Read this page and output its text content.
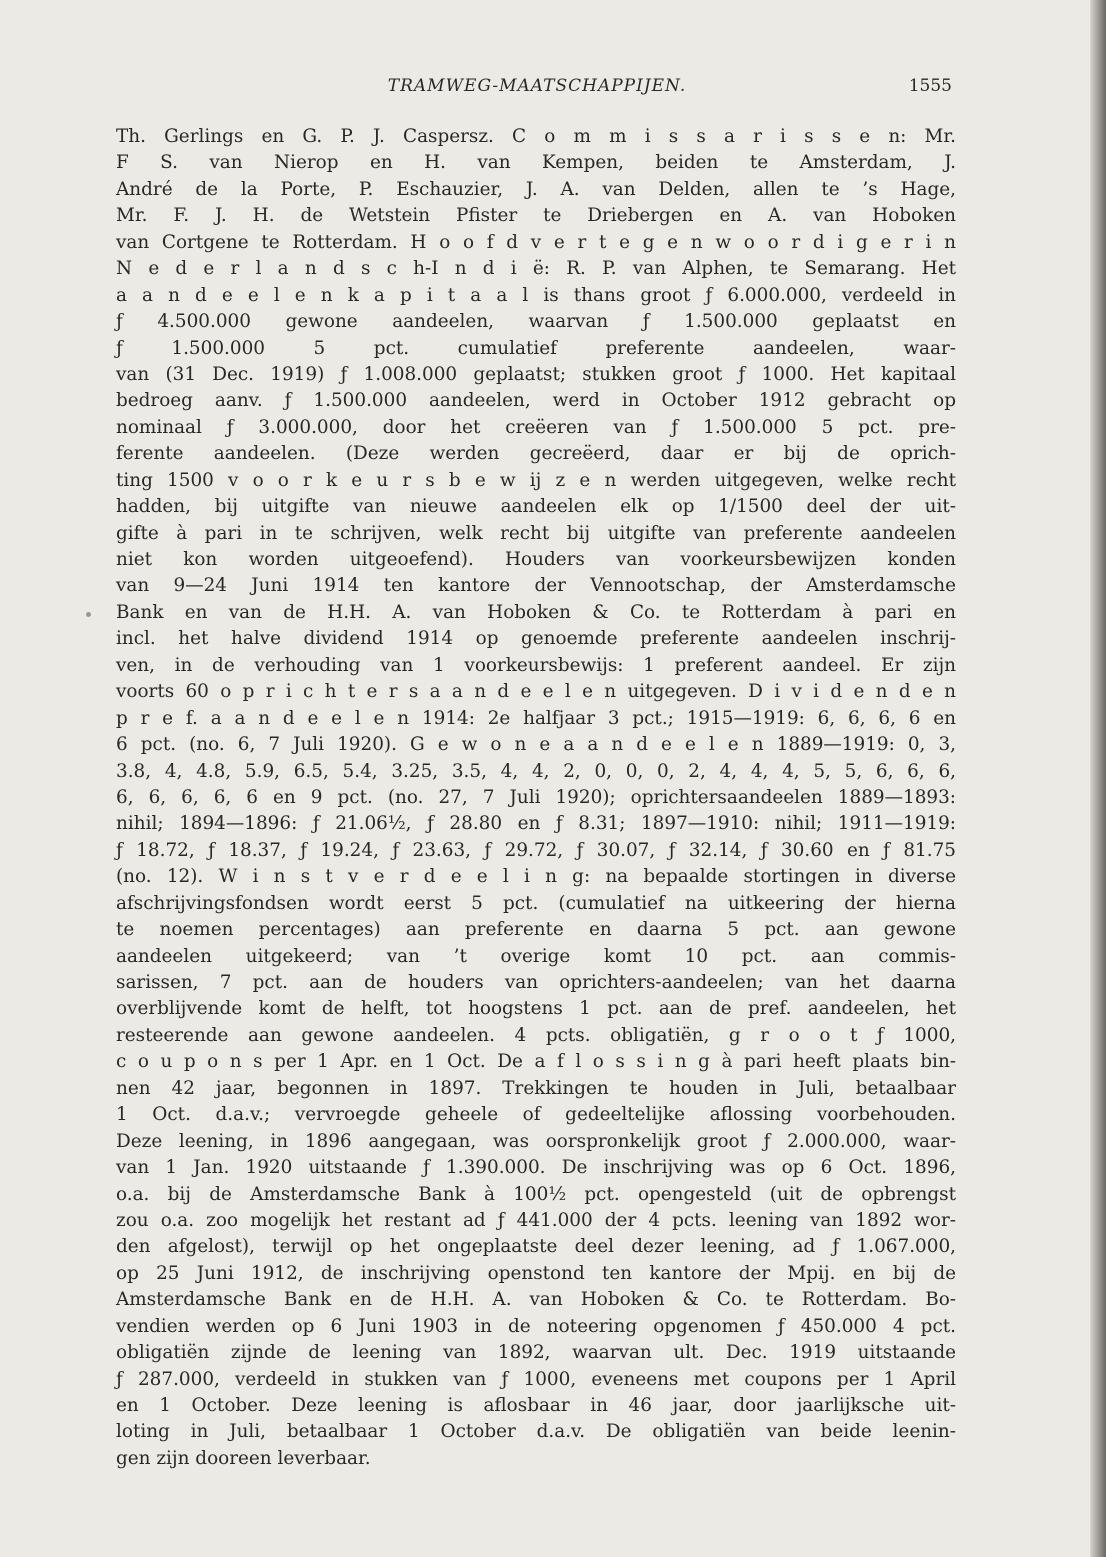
TRAMWEG-MAATSCHAPPIJEN.	1555
Th. Gerlings en G. P. J. Caspersz. C o m m i s s a r i s s e n: Mr.
F S. van Nierop en H. van Kempen, beiden te Amsterdam, J.
André de la Porte, P. Eschauzier, J. A. van Delden, allen te ’s Hage,
Mr. F. J. H. de Wetstein Pfister te Driebergen en A. van Hoboken
van Cortgene te Rotterdam. H o o f d v e r t e g e n w o o r d i g e r i n
N e d e r l a n d s c h-I n d i ë: R. P. van Alphen, te Semarang. Het
a a n d e e l e n k a p i t a a l is thans groot ƒ 6.000.000, verdeeld in
ƒ 4.500.000 gewone aandeelen, waarvan ƒ 1.500.000 geplaatst en
ƒ 1.500.000 5 pct. cumulatief preferente aandeelen, waar-
van (31 Dec. 1919) ƒ 1.008.000 geplaatst; stukken groot ƒ 1000. Het kapitaal
bedroeg aanv. ƒ 1.500.000 aandeelen, werd in October 1912 gebracht op
nominaal ƒ 3.000.000, door het creëeren van ƒ 1.500.000 5 pct. pre-
ferente aandeelen. (Deze werden gecreëerd, daar er bij de oprich-
ting 1500 v o o r k e u r s b e w ij z e n werden uitgegeven, welke recht
hadden, bij uitgifte van nieuwe aandeelen elk op 1/1500 deel der uit-
gifte à pari in te schrijven, welk recht bij uitgifte van preferente aandeelen
niet kon worden uitgeoefend). Houders van voorkeursbewijzen konden
van 9—24 Juni 1914 ten kantore der Vennootschap, der Amsterdamsche
Bank en van de H.H. A. van Hoboken & Co. te Rotterdam à pari en
incl. het halve dividend 1914 op genoemde preferente aandeelen inschrij-
ven, in de verhouding van 1 voorkeursbewijs: 1 preferent aandeel. Er zijn
voorts 60 o p r i c h t e r s a a n d e e l e n uitgegeven. D i v i d e n d e n
p r e f. a a n d e e l e n 1914: 2e halfjaar 3 pct.; 1915—1919: 6, 6, 6, 6 en
6 pct. (no. 6, 7 Juli 1920). G e w o n e a a n d e e l e n 1889—1919: 0, 3,
3.8, 4, 4.8, 5.9, 6.5, 5.4, 3.25, 3.5, 4, 4, 2, 0, 0, 0, 2, 4, 4, 4, 5, 5, 6, 6, 6,
6, 6, 6, 6, 6 en 9 pct. (no. 27, 7 Juli 1920); oprichtersaandeelen 1889—1893:
nihil; 1894—1896: ƒ 21.06½, ƒ 28.80 en ƒ 8.31; 1897—1910: nihil; 1911—1919:
ƒ 18.72, ƒ 18.37, ƒ 19.24, ƒ 23.63, ƒ 29.72, ƒ 30.07, ƒ 32.14, ƒ 30.60 en ƒ 81.75
(no. 12). W i n s t v e r d e e l i n g: na bepaalde stortingen in diverse
afschrijvingsfondsen wordt eerst 5 pct. (cumulatief na uitkeering der hierna
te noemen percentages) aan preferente en daarna 5 pct. aan gewone
aandeelen uitgekeerd; van ’t overige komt 10 pct. aan commis-
sarissen, 7 pct. aan de houders van oprichters-aandeelen; van het daarna
overblijvende komt de helft, tot hoogstens 1 pct. aan de pref. aandeelen, het
resteerende aan gewone aandeelen. 4 pcts. obligatiën, g r o o t ƒ 1000,
c o u p o n s per 1 Apr. en 1 Oct. De a f l o s s i n g à pari heeft plaats bin-
nen 42 jaar, begonnen in 1897. Trekkingen te houden in Juli, betaalbaar
1 Oct. d.a.v.; vervroegde geheele of gedeeltelijke aflossing voorbehouden.
Deze leening, in 1896 aangegaan, was oorspronkelijk groot ƒ 2.000.000, waar-
van 1 Jan. 1920 uitstaande ƒ 1.390.000. De inschrijving was op 6 Oct. 1896,
o.a. bij de Amsterdamsche Bank à 100½ pct. opengesteld (uit de opbrengst
zou o.a. zoo mogelijk het restant ad ƒ 441.000 der 4 pcts. leening van 1892 wor-
den afgelost), terwijl op het ongeplaatste deel dezer leening, ad ƒ 1.067.000,
op 25 Juni 1912, de inschrijving openstond ten kantore der Mpij. en bij de
Amsterdamsche Bank en de H.H. A. van Hoboken & Co. te Rotterdam. Bo-
vendien werden op 6 Juni 1903 in de noteering opgenomen ƒ 450.000 4 pct.
obligatiën zijnde de leening van 1892, waarvan ult. Dec. 1919 uitstaande
ƒ 287.000, verdeeld in stukken van ƒ 1000, eveneens met coupons per 1 April
en 1 October. Deze leening is aflosbaar in 46 jaar, door jaarlijksche uit-
loting in Juli, betaalbaar 1 October d.a.v. De obligatiën van beide leenin-
gen zijn dooreen leverbaar.
